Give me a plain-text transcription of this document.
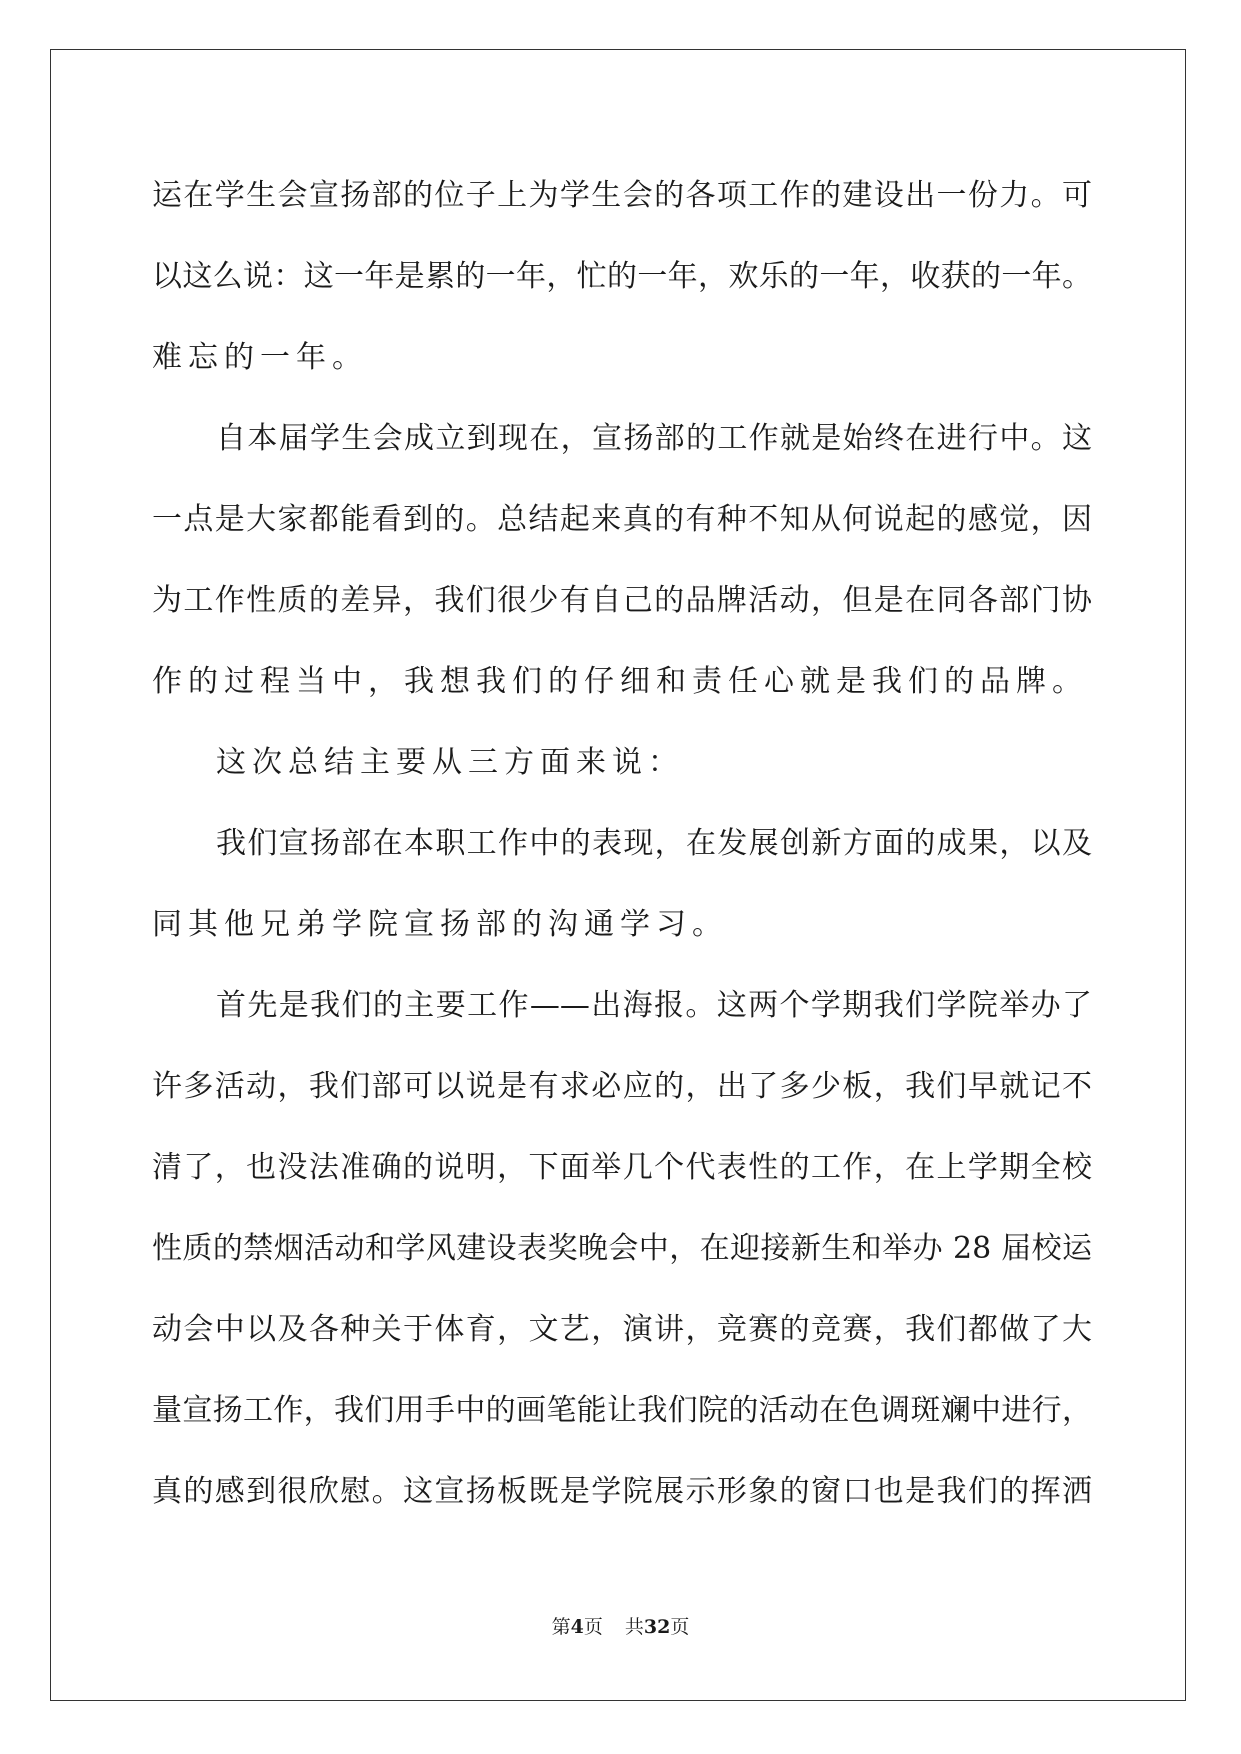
运在学生会宣扬部的位子上为学生会的各项工作的建设出一份力。可
以这么说：这一年是累的一年，忙的一年，欢乐的一年，收获的一年。
难忘的一年。
自本届学生会成立到现在，宣扬部的工作就是始终在进行中。这
一点是大家都能看到的。总结起来真的有种不知从何说起的感觉，因
为工作性质的差异，我们很少有自己的品牌活动，但是在同各部门协
作的过程当中，我想我们的仔细和责任心就是我们的品牌。
这次总结主要从三方面来说：
我们宣扬部在本职工作中的表现，在发展创新方面的成果，以及
同其他兄弟学院宣扬部的沟通学习。
首先是我们的主要工作——出海报。这两个学期我们学院举办了
许多活动，我们部可以说是有求必应的，出了多少板，我们早就记不
清了，也没法准确的说明，下面举几个代表性的工作，在上学期全校
性质的禁烟活动和学风建设表奖晚会中，在迎接新生和举办 28 届校运
动会中以及各种关于体育，文艺，演讲，竞赛的竞赛，我们都做了大
量宣扬工作，我们用手中的画笔能让我们院的活动在色调斑斓中进行，
真的感到很欣慰。这宣扬板既是学院展示形象的窗口也是我们的挥洒
第4页 共32页
